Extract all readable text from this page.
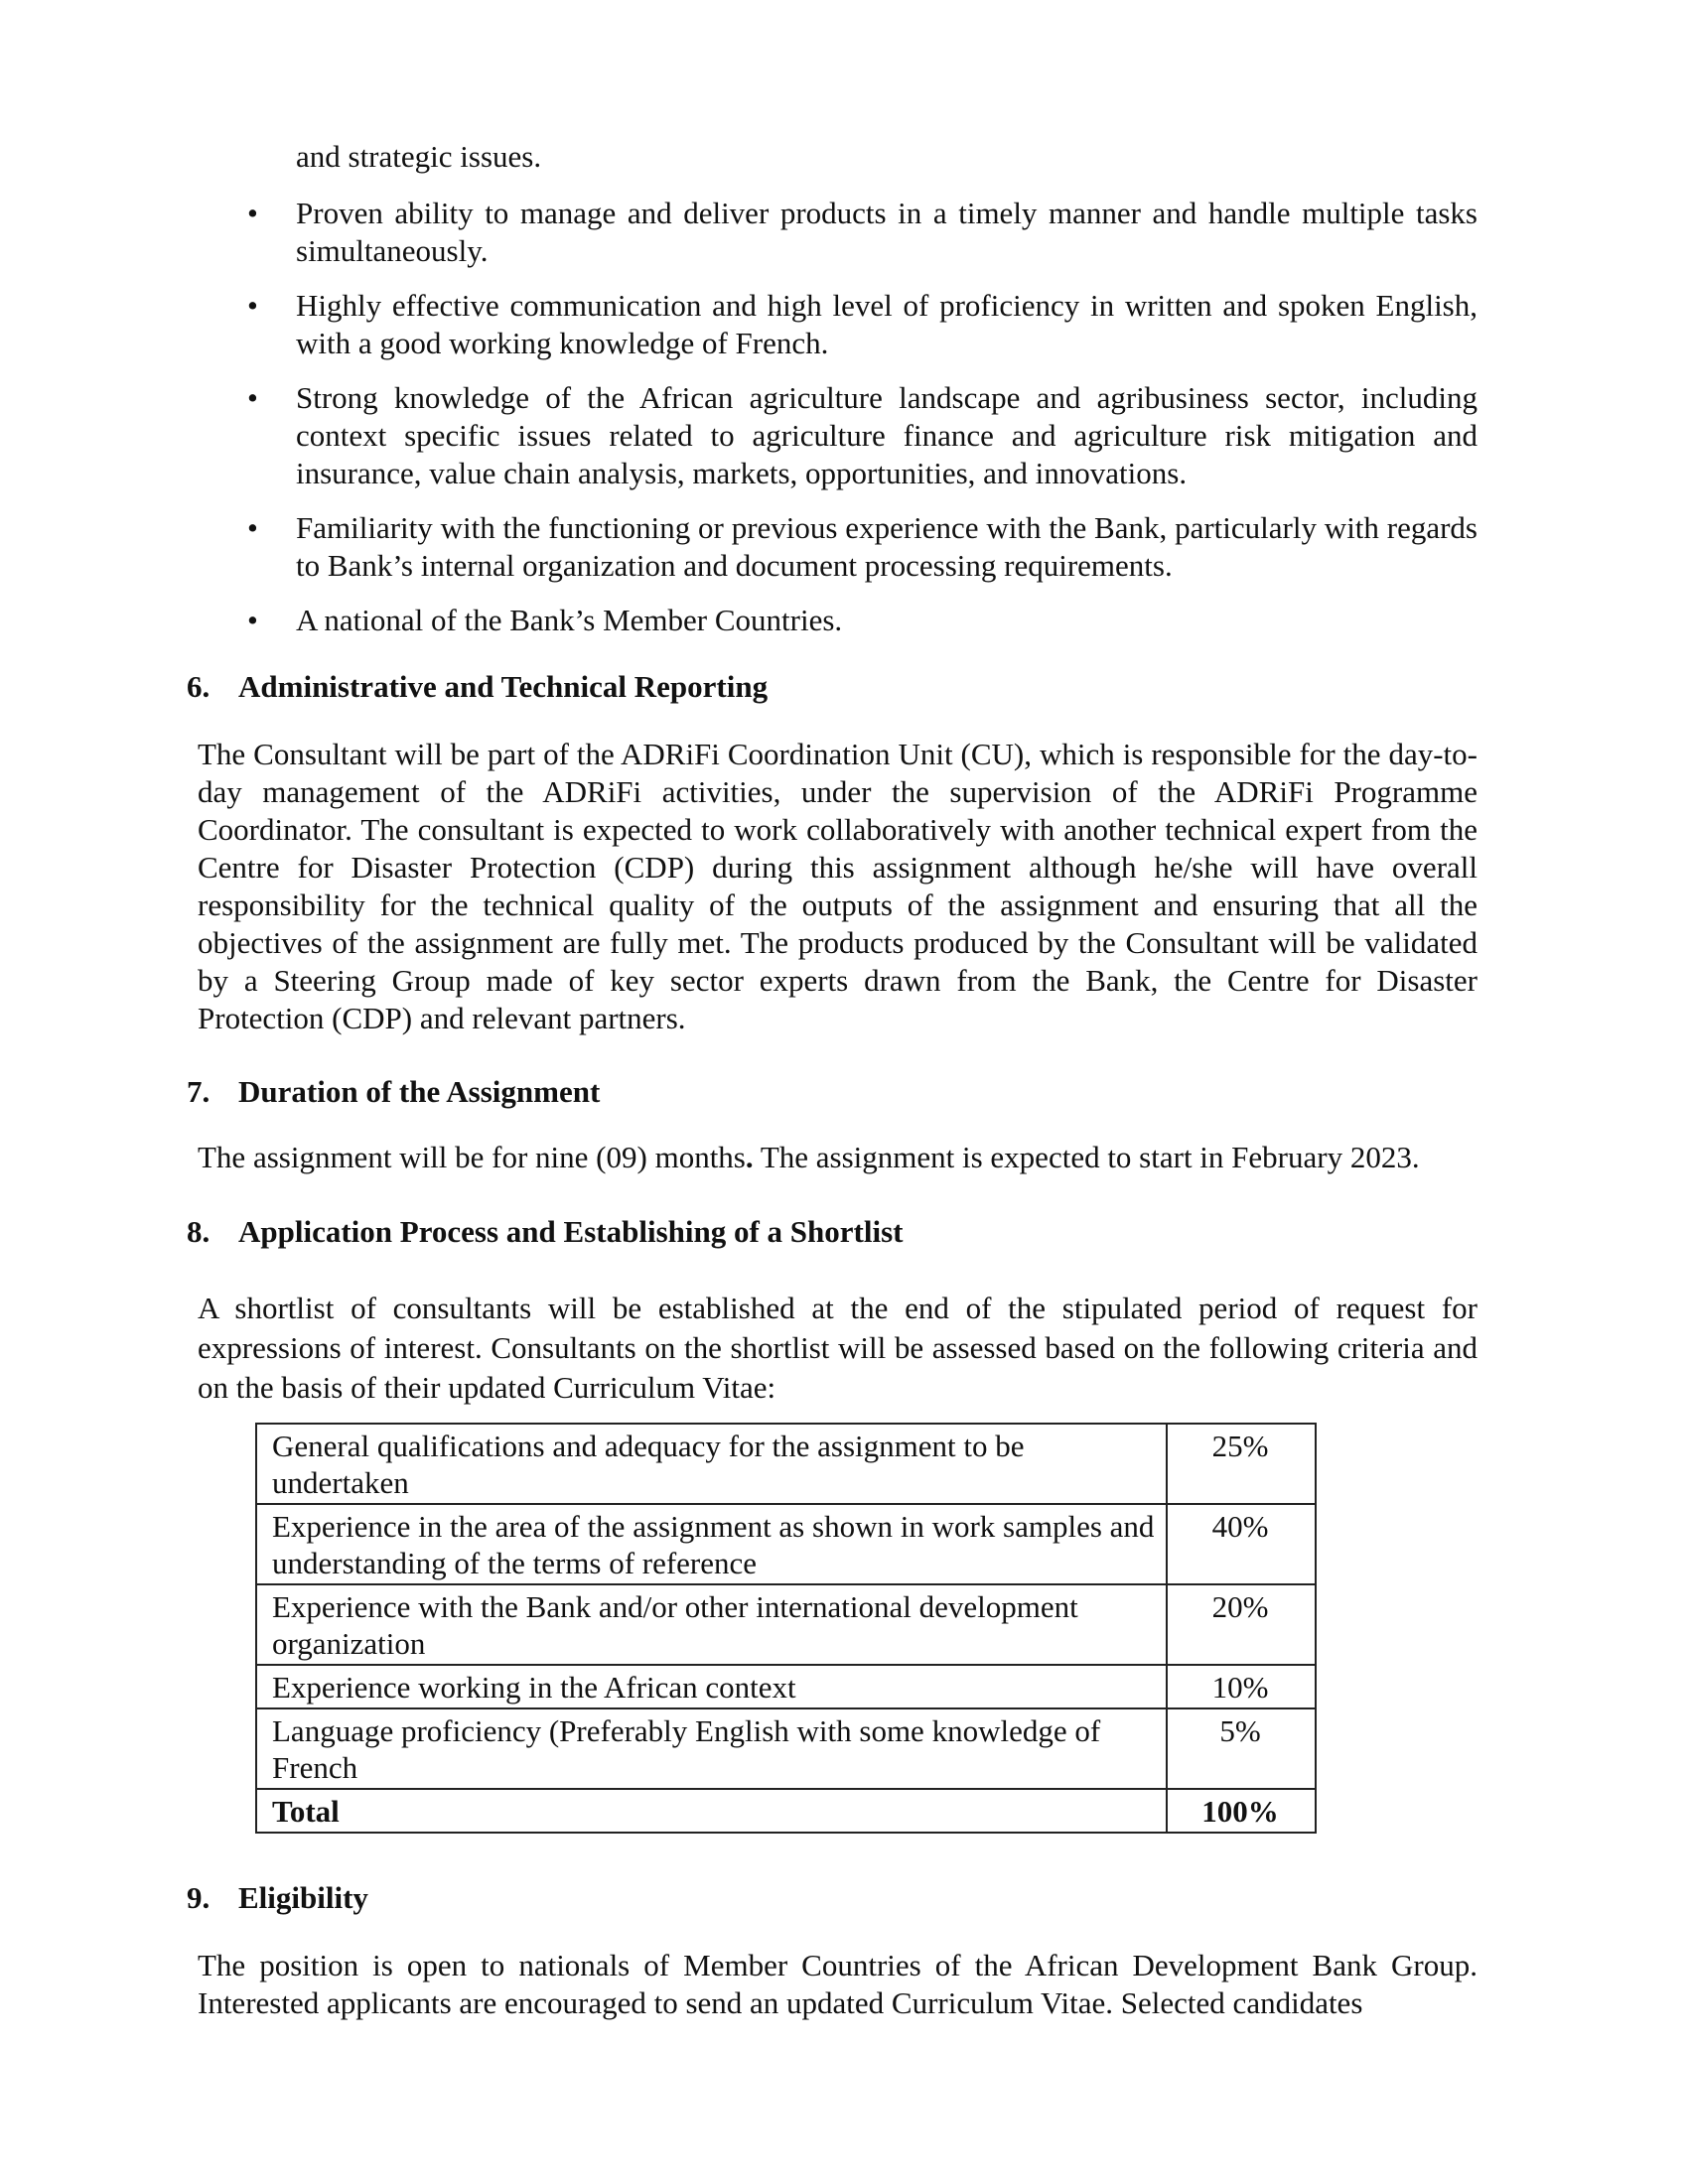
and strategic issues.
• Proven ability to manage and deliver products in a timely manner and handle multiple tasks simultaneously.
• Highly effective communication and high level of proficiency in written and spoken English, with a good working knowledge of French.
• Strong knowledge of the African agriculture landscape and agribusiness sector, including context specific issues related to agriculture finance and agriculture risk mitigation and insurance, value chain analysis, markets, opportunities, and innovations.
• Familiarity with the functioning or previous experience with the Bank, particularly with regards to Bank’s internal organization and document processing requirements.
• A national of the Bank’s Member Countries.
6. Administrative and Technical Reporting
The Consultant will be part of the ADRiFi Coordination Unit (CU), which is responsible for the day-to-day management of the ADRiFi activities, under the supervision of the ADRiFi Programme Coordinator. The consultant is expected to work collaboratively with another technical expert from the Centre for Disaster Protection (CDP) during this assignment although he/she will have overall responsibility for the technical quality of the outputs of the assignment and ensuring that all the objectives of the assignment are fully met. The products produced by the Consultant will be validated by a Steering Group made of key sector experts drawn from the Bank, the Centre for Disaster Protection (CDP) and relevant partners.
7. Duration of the Assignment
The assignment will be for nine (09) months. The assignment is expected to start in February 2023.
8. Application Process and Establishing of a Shortlist
A shortlist of consultants will be established at the end of the stipulated period of request for expressions of interest. Consultants on the shortlist will be assessed based on the following criteria and on the basis of their updated Curriculum Vitae:
General qualifications and adequacy for the assignment to be undertaken	25%
Experience in the area of the assignment as shown in work samples and understanding of the terms of reference	40%
Experience with the Bank and/or other international development organization	20%
Experience working in the African context	10%
Language proficiency (Preferably English with some knowledge of French	5%
Total	100%
9. Eligibility
The position is open to nationals of Member Countries of the African Development Bank Group. Interested applicants are encouraged to send an updated Curriculum Vitae. Selected candidates
